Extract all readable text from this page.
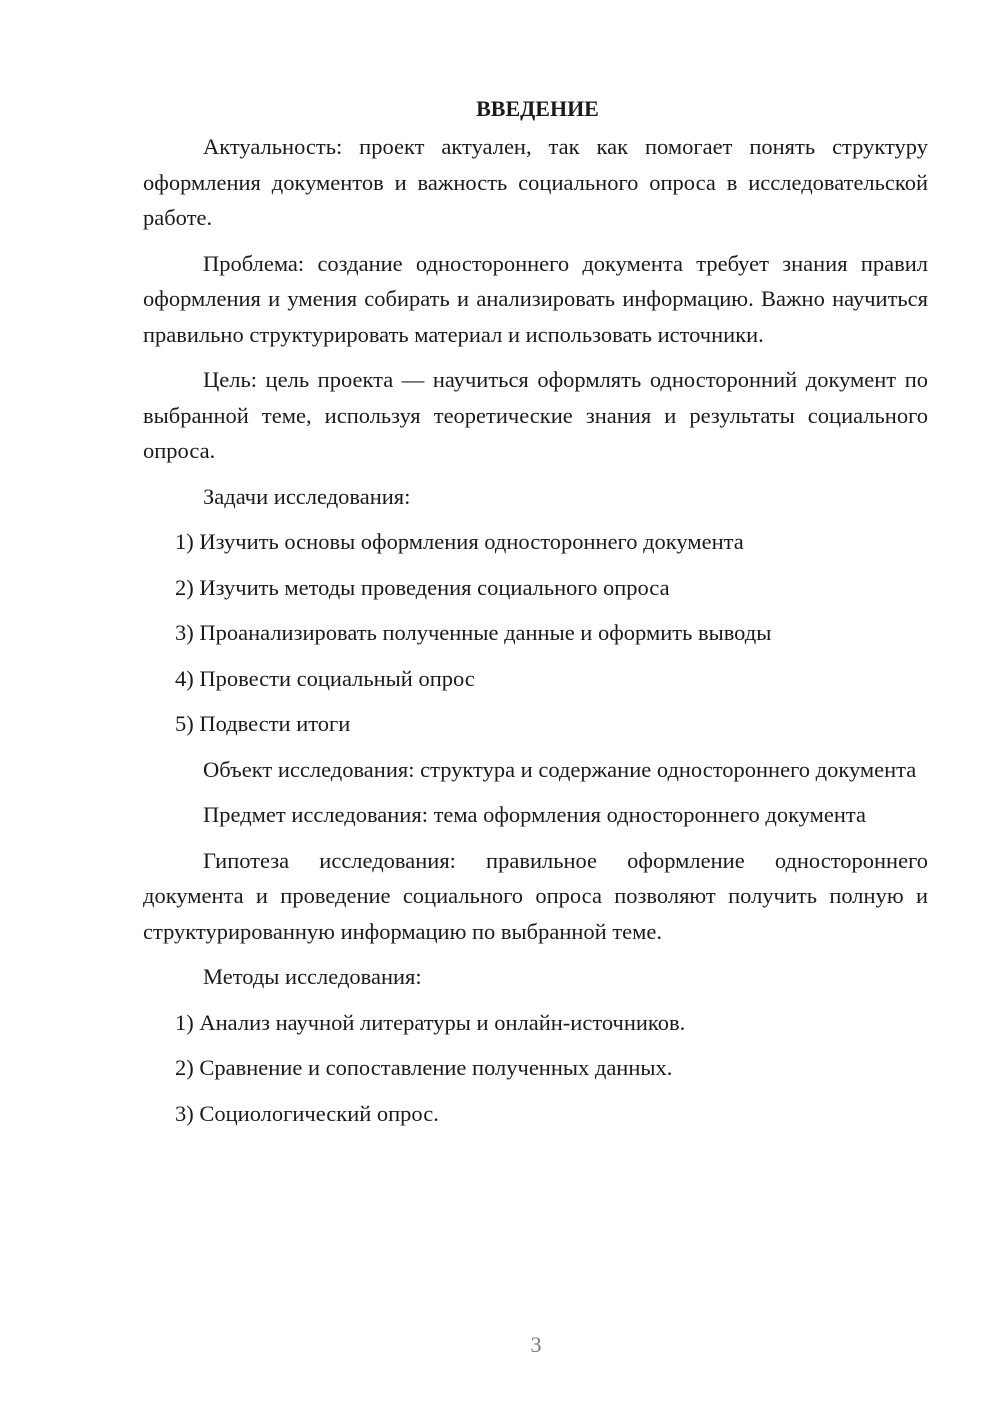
ВВЕДЕНИЕ

Актуальность: проект актуален, так как помогает понять структуру оформления документов и важность социального опроса в исследовательской работе.

Проблема: создание одностороннего документа требует знания правил оформления и умения собирать и анализировать информацию. Важно научиться правильно структурировать материал и использовать источники.

Цель: цель проекта — научиться оформлять односторонний документ по выбранной теме, используя теоретические знания и результаты социального опроса.

Задачи исследования:

1) Изучить основы оформления одностороннего документа
2) Изучить методы проведения социального опроса
3) Проанализировать полученные данные и оформить выводы
4) Провести социальный опрос
5) Подвести итоги

Объект исследования: структура и содержание одностороннего документа

Предмет исследования: тема оформления одностороннего документа

Гипотеза исследования: правильное оформление одностороннего документа и проведение социального опроса позволяют получить полную и структурированную информацию по выбранной теме.

Методы исследования:

1) Анализ научной литературы и онлайн-источников.
2) Сравнение и сопоставление полученных данных.
3) Социологический опрос.
3
